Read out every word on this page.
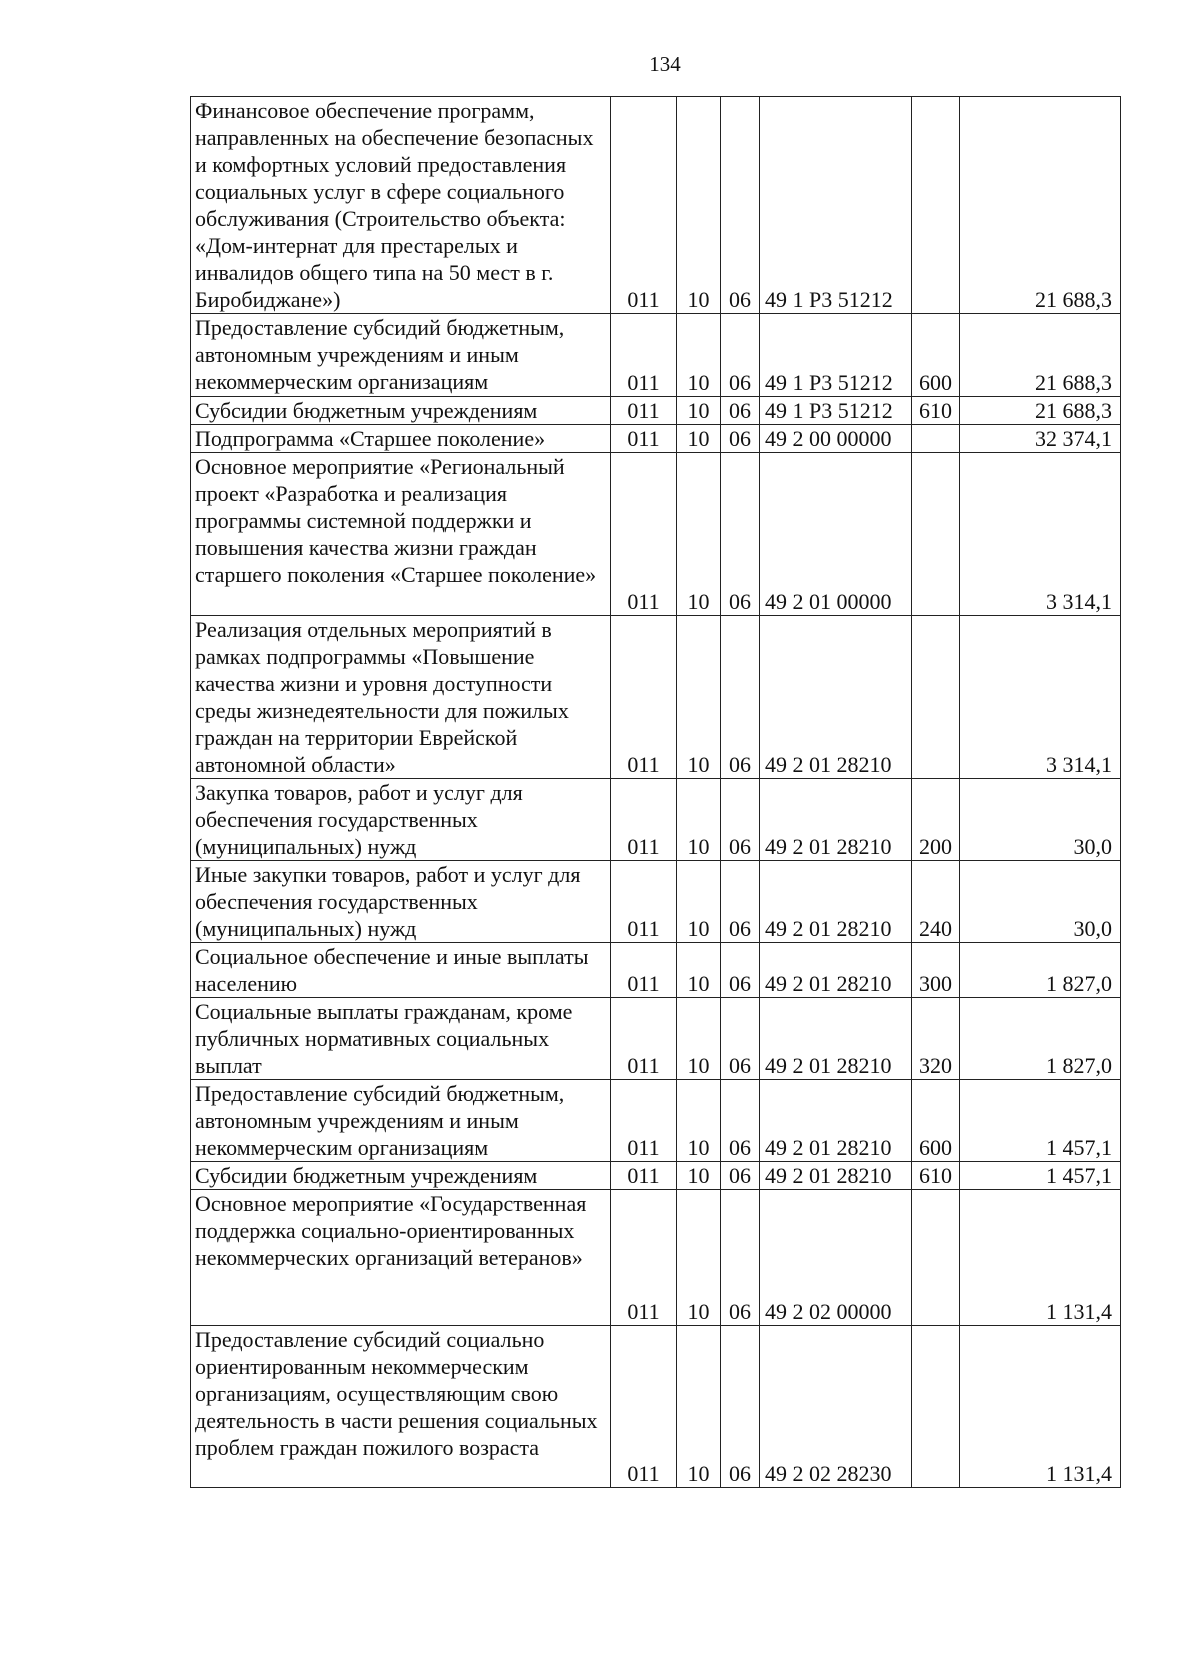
134
Финансовое обеспечение программ, направленных на обеспечение безопасных и комфортных условий предоставления социальных услуг в сфере социального обслуживания (Строительство объекта: «Дом-интернат для престарелых и инвалидов общего типа на 50 мест в г. Биробиджане»)	011	10	06	49 1 Р3 51212		21 688,3
Предоставление субсидий бюджетным, автономным учреждениям и иным некоммерческим организациям	011	10	06	49 1 Р3 51212	600	21 688,3
Субсидии бюджетным учреждениям	011	10	06	49 1 Р3 51212	610	21 688,3
Подпрограмма «Старшее поколение»	011	10	06	49 2 00 00000		32 374,1
Основное мероприятие «Региональный проект «Разработка и реализация программы системной поддержки и повышения качества жизни граждан старшего поколения «Старшее поколение»	011	10	06	49 2 01 00000		3 314,1
Реализация отдельных мероприятий в рамках подпрограммы «Повышение качества жизни и уровня доступности среды жизнедеятельности для пожилых граждан на территории Еврейской автономной области»	011	10	06	49 2 01 28210		3 314,1
Закупка товаров, работ и услуг для обеспечения государственных (муниципальных) нужд	011	10	06	49 2 01 28210	200	30,0
Иные закупки товаров, работ и услуг для обеспечения государственных (муниципальных) нужд	011	10	06	49 2 01 28210	240	30,0
Социальное обеспечение и иные выплаты населению	011	10	06	49 2 01 28210	300	1 827,0
Социальные выплаты гражданам, кроме публичных нормативных социальных выплат	011	10	06	49 2 01 28210	320	1 827,0
Предоставление субсидий бюджетным, автономным учреждениям и иным некоммерческим организациям	011	10	06	49 2 01 28210	600	1 457,1
Субсидии бюджетным учреждениям	011	10	06	49 2 01 28210	610	1 457,1
Основное мероприятие «Государственная поддержка социально-ориентированных некоммерческих организаций ветеранов»	011	10	06	49 2 02 00000		1 131,4
Предоставление субсидий социально ориентированным некоммерческим организациям, осуществляющим свою деятельность в части решения социальных проблем граждан пожилого возраста	011	10	06	49 2 02 28230		1 131,4
